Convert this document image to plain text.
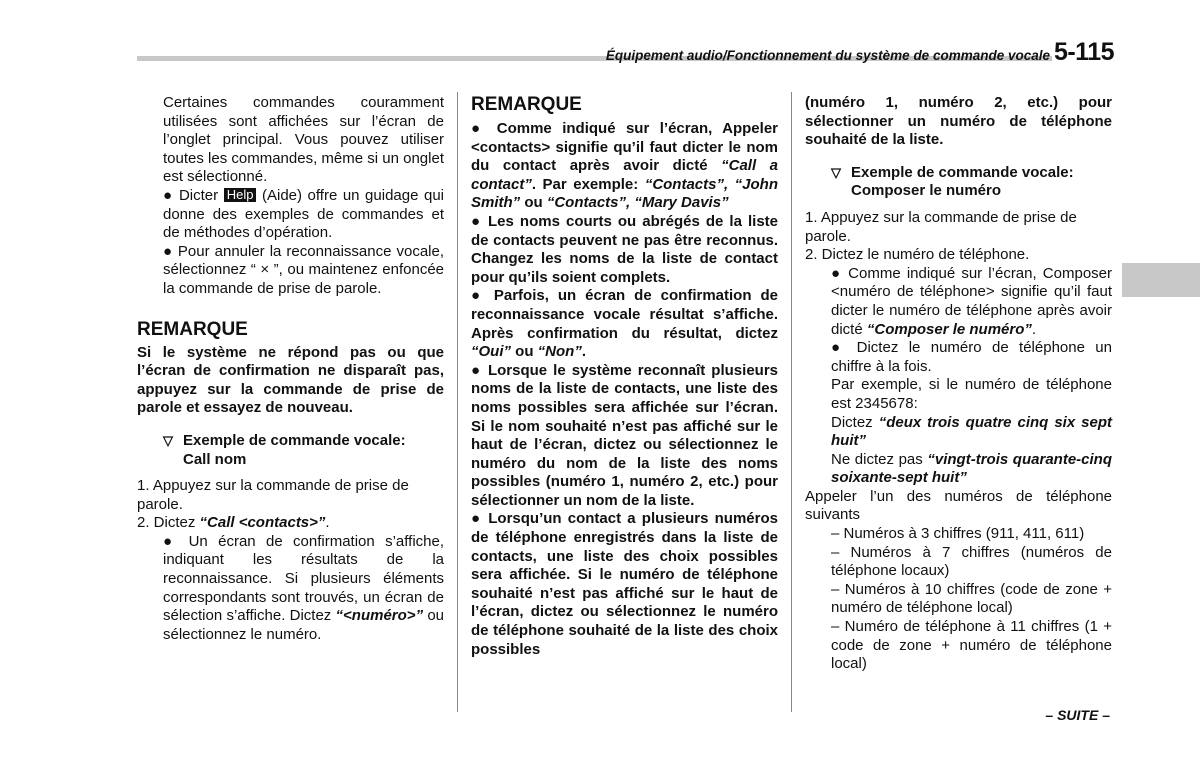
Équipement audio/Fonctionnement du système de commande vocale 5-115

Certaines commandes couramment utilisées sont affichées sur l’écran de l’onglet principal. Vous pouvez utiliser toutes les commandes, même si un onglet est sélectionné.

● Dicter Help (Aide) offre un guidage qui donne des exemples de commandes et de méthodes d’opération.

● Pour annuler la reconnaissance vocale, sélectionnez “ × ”, ou maintenez enfoncée la commande de prise de parole.

REMARQUE

Si le système ne répond pas ou que l’écran de confirmation ne disparaît pas, appuyez sur la commande de prise de parole et essayez de nouveau.

▽ Exemple de commande vocale:
Call nom

1. Appuyez sur la commande de prise de parole.

2. Dictez “Call <contacts>”.

● Un écran de confirmation s’affiche, indiquant les résultats de la reconnaissance. Si plusieurs éléments correspondants sont trouvés, un écran de sélection s’affiche. Dictez “<numéro>” ou sélectionnez le numéro.

REMARQUE

● Comme indiqué sur l’écran, Appeler <contacts> signifie qu’il faut dicter le nom du contact après avoir dicté “Call a contact”. Par exemple: “Contacts”, “John Smith” ou “Contacts”, “Mary Davis”

● Les noms courts ou abrégés de la liste de contacts peuvent ne pas être reconnus. Changez les noms de la liste de contact pour qu’ils soient complets.

● Parfois, un écran de confirmation de reconnaissance vocale résultat s’affiche. Après confirmation du résultat, dictez “Oui” ou “Non”.

● Lorsque le système reconnaît plusieurs noms de la liste de contacts, une liste des noms possibles sera affichée sur l’écran. Si le nom souhaité n’est pas affiché sur le haut de l’écran, dictez ou sélectionnez le numéro du nom de la liste des noms possibles (numéro 1, numéro 2, etc.) pour sélectionner un nom de la liste.

● Lorsqu’un contact a plusieurs numéros de téléphone enregistrés dans la liste de contacts, une liste des choix possibles sera affichée. Si le numéro de téléphone souhaité n’est pas affiché sur le haut de l’écran, dictez ou sélectionnez le numéro de téléphone souhaité de la liste des choix possibles

(numéro 1, numéro 2, etc.) pour sélectionner un numéro de téléphone souhaité de la liste.

▽ Exemple de commande vocale:
Composer le numéro

1. Appuyez sur la commande de prise de parole.

2. Dictez le numéro de téléphone.

● Comme indiqué sur l’écran, Composer <numéro de téléphone> signifie qu’il faut dicter le numéro de téléphone après avoir dicté “Composer le numéro”.

● Dictez le numéro de téléphone un chiffre à la fois.

Par exemple, si le numéro de téléphone est 2345678:

Dictez “deux trois quatre cinq six sept huit”

Ne dictez pas “vingt-trois quarante-cinq soixante-sept huit”

Appeler l’un des numéros de téléphone suivants

– Numéros à 3 chiffres (911, 411, 611)

– Numéros à 7 chiffres (numéros de téléphone locaux)

– Numéros à 10 chiffres (code de zone + numéro de téléphone local)

– Numéro de téléphone à 11 chiffres (1 + code de zone + numéro de téléphone local)

– SUITE –
